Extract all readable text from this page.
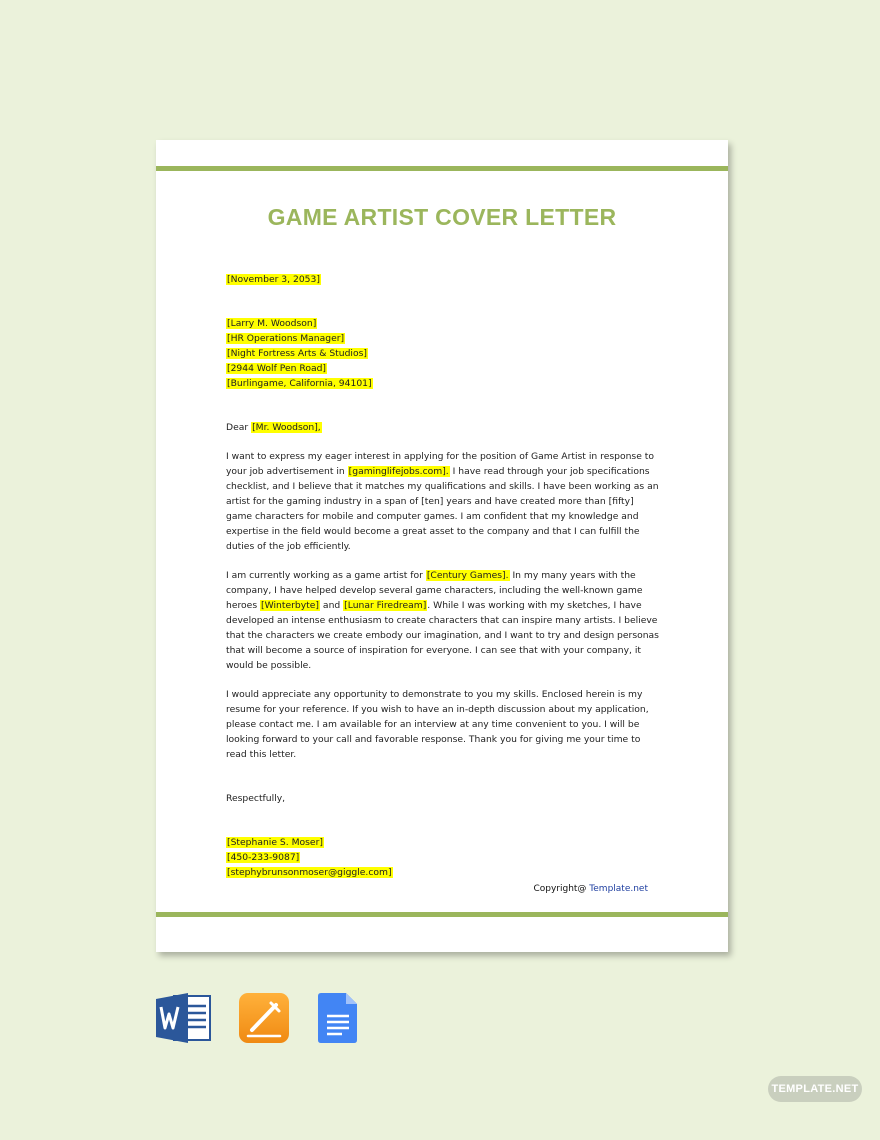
GAME ARTIST COVER LETTER

[November 3, 2053]

[Larry M. Woodson]

[HR Operations Manager]

[Night Fortress Arts & Studios]

[2944 Wolf Pen Road]

[Burlingame, California, 94101]

Dear [Mr. Woodson],

I want to express my eager interest in applying for the position of Game Artist in response to your job advertisement in [gaminglifejobs.com]. I have read through your job specifications checklist, and I believe that it matches my qualifications and skills. I have been working as an artist for the gaming industry in a span of [ten] years and have created more than [fifty] game characters for mobile and computer games. I am confident that my knowledge and expertise in the field would become a great asset to the company and that I can fulfill the duties of the job efficiently.

I am currently working as a game artist for [Century Games]. In my many years with the company, I have helped develop several game characters, including the well-known game heroes [Winterbyte] and [Lunar Firedream]. While I was working with my sketches, I have developed an intense enthusiasm to create characters that can inspire many artists. I believe that the characters we create embody our imagination, and I want to try and design personas that will become a source of inspiration for everyone. I can see that with your company, it would be possible.

I would appreciate any opportunity to demonstrate to you my skills. Enclosed herein is my resume for your reference. If you wish to have an in-depth discussion about my application, please contact me. I am available for an interview at any time convenient to you. I will be looking forward to your call and favorable response. Thank you for giving me your time to read this letter.

Respectfully,

[Stephanie S. Moser]

[450-233-9087]

[stephybrunsonmoser@giggle.com]

Copyright@ Template.net
TEMPLATE.NET
